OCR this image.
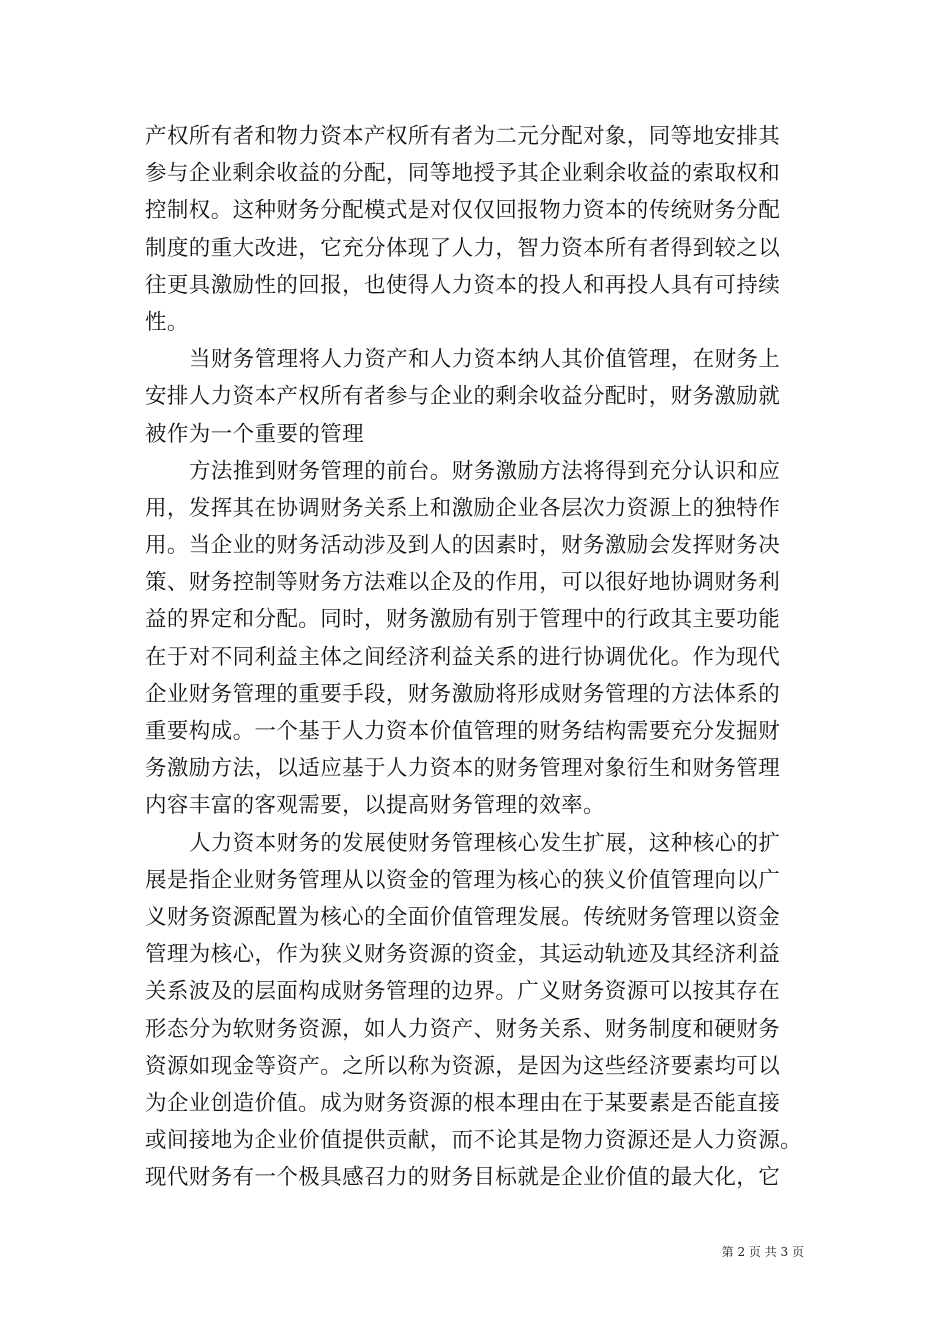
产权所有者和物力资本产权所有者为二元分配对象，同等地安排其
参与企业剩余收益的分配，同等地授予其企业剩余收益的索取权和
控制权。这种财务分配模式是对仅仅回报物力资本的传统财务分配
制度的重大改进，它充分体现了人力，智力资本所有者得到较之以
往更具激励性的回报，也使得人力资本的投人和再投人具有可持续
性。
当财务管理将人力资产和人力资本纳人其价值管理，在财务上
安排人力资本产权所有者参与企业的剩余收益分配时，财务激励就
被作为一个重要的管理
方法推到财务管理的前台。财务激励方法将得到充分认识和应
用，发挥其在协调财务关系上和激励企业各层次力资源上的独特作
用。当企业的财务活动涉及到人的因素时，财务激励会发挥财务决
策、财务控制等财务方法难以企及的作用，可以很好地协调财务利
益的界定和分配。同时，财务激励有别于管理中的行政其主要功能
在于对不同利益主体之间经济利益关系的进行协调优化。作为现代
企业财务管理的重要手段，财务激励将形成财务管理的方法体系的
重要构成。一个基于人力资本价值管理的财务结构需要充分发掘财
务激励方法，以适应基于人力资本的财务管理对象衍生和财务管理
内容丰富的客观需要，以提高财务管理的效率。
人力资本财务的发展使财务管理核心发生扩展，这种核心的扩
展是指企业财务管理从以资金的管理为核心的狭义价值管理向以广
义财务资源配置为核心的全面价值管理发展。传统财务管理以资金
管理为核心，作为狭义财务资源的资金，其运动轨迹及其经济利益
关系波及的层面构成财务管理的边界。广义财务资源可以按其存在
形态分为软财务资源，如人力资产、财务关系、财务制度和硬财务
资源如现金等资产。之所以称为资源，是因为这些经济要素均可以
为企业创造价值。成为财务资源的根本理由在于某要素是否能直接
或间接地为企业价值提供贡献，而不论其是物力资源还是人力资源。
现代财务有一个极具感召力的财务目标就是企业价值的最大化，它
第 2 页 共 3 页
